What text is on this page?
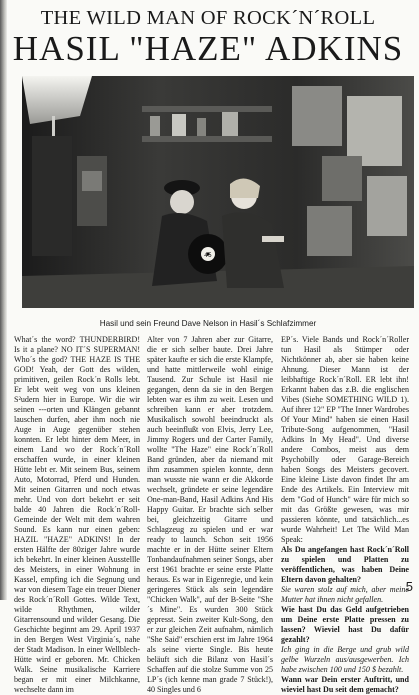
THE WILD MAN OF ROCK´N´ROLL
HASIL "HAZE" ADKINS
45
Hasil und sein Freund Dave Nelson in Hasil´s Schlafzimmer

What´s the word? THUNDERBIRD! Is it a plane? NO IT´S SUPERMAN! Who´s the god? THE HAZE IS THE GOD! Yeah, der Gott des wilden, primitiven, geilen Rock´n Rolls lebt. Er lebt weit weg von uns kleinen S²udern hier in Europe. Wir die wir seinen ---orten und Klängen gebannt lauschen durfen, aber ihm noch nie Auge in Auge gegenüber stehen konnten. Er lebt hinter dem Meer, in einem Land wo der Rock´n´Roll erschaffen wurde, in einer kleinen Hütte lebt er. Mit seinem Bus, seinem Auto, Motorrad, Pferd und Hunden. Mit seinen Gitarren und noch etwas mehr. Und von dort bekehrt er seit balde 40 Jahren die Rock´n´Roll-Gemeinde der Welt mit dem wahren Sound. Es kann nur einen geben: HAZIL "HAZE" ADKINS! In der ersten Hälfte der 80ziger Jahre wurde ich bekehrt. In einer kleinen Ausstellle des Meisters, in einer Wohnung in Kassel, empfing ich die Segnung und war von diesem Tage ein treuer Diener des Rock´n´Roll Gottes. Wilde Text, wilde Rhythmen, wilder Gitarrensound und wilder Gesang. Die Geschichte beginnt am 29. April 1937 in den Bergen West Virginia´s, nahe der Stadt Madison. In einer Wellblech-Hütte wird er geboren. Mr. Chicken Walk. Seine musikalische Karriere began er mit einer Milchkanne, wechselte dann im

Alter von 7 Jahren aber zur Gitarre, die er sich selber baute. Drei Jahre später kaufte er sich die erste Klampfe, und hatte mittlerweile wohl einige Tausend. Zur Schule ist Hasil nie gegangen, denn da sie in den Bergen lebten war es ihm zu weit. Lesen und schreiben kann er aber trotzdem. Musikalisch sowohl beeindruckt als auch beeinflußt von Elvis, Jerry Lee, Jimmy Rogers und der Carter Family, wollte "The Haze" eine Rock´n´Roll Band gründen, aber da niemand mit ihm zusammen spielen konnte, denn man wusste nie wann er die Akkorde wechselt, gründete er seine legendäre One-man-Band, Hasil Adkins And His Happy Guitar. Er brachte sich selber bei, gleichzeitig Gitarre und Schlagzeug zu spielen und er war ready to launch. Schon seit 1956 machte er in der Hütte seiner Eltern Tonbandaufnahmen seiner Songs, aber erst 1961 brachte er seine erste Platte heraus. Es war in Eigenregie, und kein geringeres Stück als sein legendäre "Chicken Walk", auf der B-Seite "She´s Mine". Es wurden 300 Stück gepresst. Sein zweiter Kult-Song, den er zur gleichen Zeit aufnahm, nämlich "She Said" erschien erst im Jahre 1964 als seine vierte Single. Bis heute beläuft sich die Bilanz von Hasil´s Schaffen auf die stolze Summe von 25 LP´s (ich kenne man grade 7 Stück!), 40 Singles und 6

EP´s. Viele Bands und Rock´n´Roller tun Hasil als Stümper oder Nichtkönner ab, aber sie haben keine Ahnung. Dieser Mann ist der leibhaftige Rock´n´Roll. ER lebt ihn! Erkannt haben das z.B. die englischen Vibes (Siehe SOMETHING WILD 1). Auf ihrer 12" EP "The Inner Wardrobes Of Your Mind" haben sie einen Hasil Tribute-Song aufgenommen, "Hasil Adkins In My Head". Und diverse andere Combos, meist aus dem Psychobilly oder Garage-Bereich haben Songs des Meisters gecovert. Eine kleine Liste davon findet Ihr am Ende des Artikels. Ein Interview mit dem "God of Hunch" wäre für mich so mit das Größte gewesen, was mir passieren könnte, und tatsächlich...es wurde Wahrheit! Let The Wild Man Speak:

Als Du angefangen hast Rock´n´Roll zu spielen und Platten zu veröffentlichen, was haben Deine Eltern davon gehalten?

Sie waren stolz auf mich, aber meine Mutter hat ihnen nicht gefallen.

Wie hast Du das Geld aufgetrieben um Deine erste Platte pressen zu lassen? Wieviel hast Du dafür gezahlt?

Ich ging in die Berge und grub wild gelbe Wurzeln aus/ausgewerben. Ich habe zwischen 100 und 150 $ bezahlt.

Wann war Dein erster Auftritt, und wieviel hast Du seit dem gemacht?

5
